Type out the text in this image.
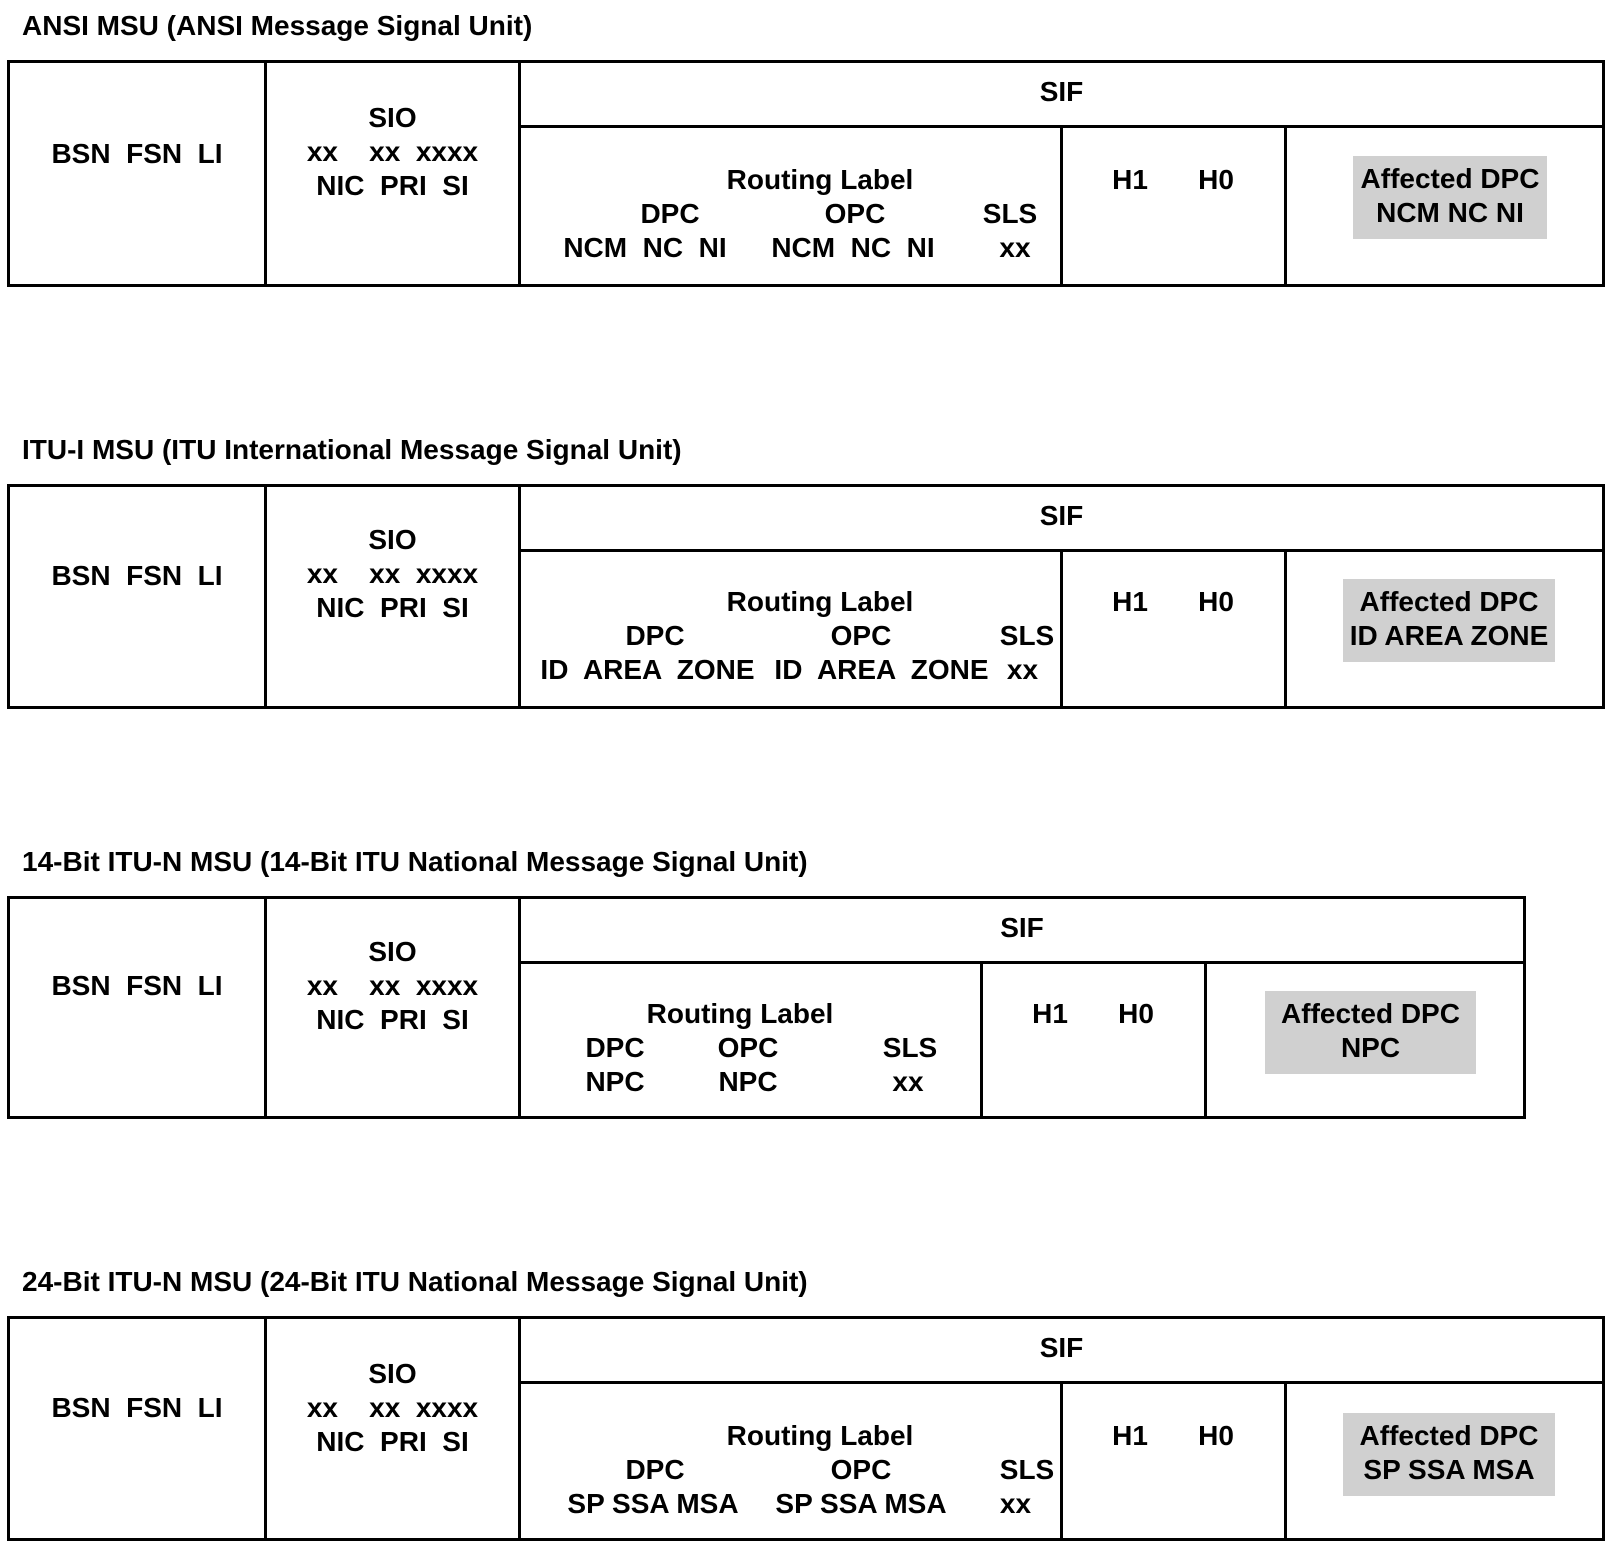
ANSI MSU (ANSI Message Signal Unit)
BSN  FSN  LI
SIO
xx    xx  xxxx
NIC  PRI  SI
SIF
Routing Label
DPC	OPC	SLS
NCM  NC  NI	NCM  NC  NI	xx
H1	H0	Affected DPC
NCM NC NI
ITU-I MSU (ITU International Message Signal Unit)
BSN  FSN  LI
SIO
xx    xx  xxxx
NIC  PRI  SI
SIF
Routing Label
DPC	OPC	SLS
ID  AREA  ZONE ID  AREA  ZONE xx
H1	H0	Affected DPC
ID AREA ZONE
14-Bit ITU-N MSU (14-Bit ITU National Message Signal Unit)
BSN  FSN  LI
SIO
xx    xx  xxxx
NIC  PRI  SI
SIF
Routing Label
DPC	OPC	SLS
NPC	NPC	xx
H1	H0	Affected DPC
NPC
24-Bit ITU-N MSU (24-Bit ITU National Message Signal Unit)
BSN  FSN  LI
SIO
xx    xx  xxxx
NIC  PRI  SI
SIF
Routing Label
DPC	OPC	SLS
SP SSA MSA	SP SSA MSA	xx
H1	H0	Affected DPC
SP SSA MSA
